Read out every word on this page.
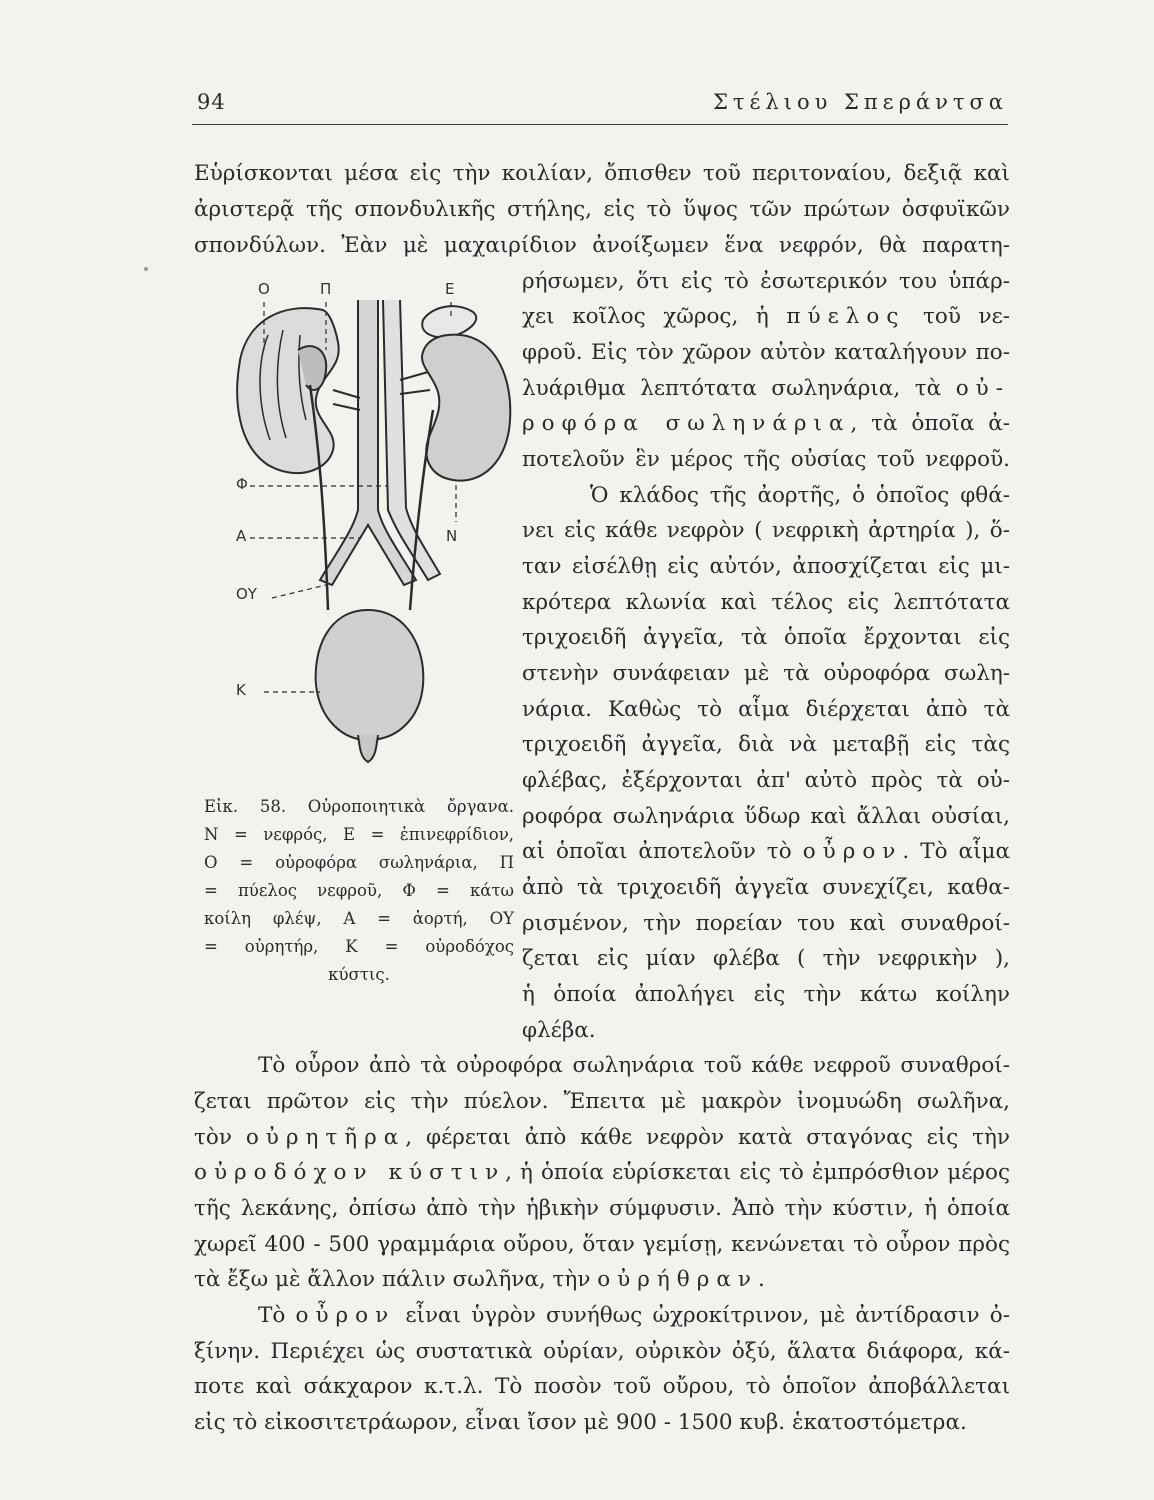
94	Στέλιου Σπεράντσα
Εὑρίσκονται μέσα εἰς τὴν κοιλίαν, ὄπισθεν τοῦ περιτοναίου, δεξιᾷ καὶ
ἀριστερᾷ τῆς σπονδυλικῆς στήλης, εἰς τὸ ὕψος τῶν πρώτων ὀσφυϊκῶν
σπονδύλων. Ἐὰν μὲ μαχαιρίδιον ἀνοίξωμεν ἕνα νεφρόν, θὰ παρατη-
ρήσωμεν, ὅτι εἰς τὸ ἐσωτερικόν του ὑπάρ-
χει κοῖλος χῶρος, ἡ πύελος τοῦ νε-
φροῦ. Εἰς τὸν χῶρον αὐτὸν καταλήγουν πο-
λυάριθμα λεπτότατα σωληνάρια, τὰ οὐ-
ροφόρα σωληνάρια, τὰ ὁποῖα ἀ-
ποτελοῦν ἓν μέρος τῆς οὐσίας τοῦ νεφροῦ.
Ὁ κλάδος τῆς ἀορτῆς, ὁ ὁποῖος φθά-
νει εἰς κάθε νεφρὸν ( νεφρικὴ ἀρτηρία ), ὅ-
ταν εἰσέλθῃ εἰς αὐτόν, ἀποσχίζεται εἰς μι-
κρότερα κλωνία καὶ τέλος εἰς λεπτότατα
τριχοειδῆ ἀγγεῖα, τὰ ὁποῖα ἔρχονται εἰς
στενὴν συνάφειαν μὲ τὰ οὐροφόρα σωλη-
νάρια. Καθὼς τὸ αἷμα διέρχεται ἀπὸ τὰ
τριχοειδῆ ἀγγεῖα, διὰ νὰ μεταβῇ εἰς τὰς
φλέβας, ἐξέρχονται ἀπ' αὐτὸ πρὸς τὰ οὐ-
ροφόρα σωληνάρια ὕδωρ καὶ ἄλλαι οὐσίαι,
αἱ ὁποῖαι ἀποτελοῦν τὸ οὖρον. Τὸ αἷμα
ἀπὸ τὰ τριχοειδῆ ἀγγεῖα συνεχίζει, καθα-
ρισμένον, τὴν πορείαν του καὶ συναθροί-
ζεται εἰς μίαν φλέβα ( τὴν νεφρικὴν ),
ἡ ὁποία ἀπολήγει εἰς τὴν κάτω κοίλην
φλέβα.
Τὸ οὖρον ἀπὸ τὰ οὐροφόρα σωληνάρια τοῦ κάθε νεφροῦ συναθροί-
ζεται πρῶτον εἰς τὴν πύελον. Ἔπειτα μὲ μακρὸν ἰνομυώδη σωλῆνα,
τὸν οὐρητῆρα, φέρεται ἀπὸ κάθε νεφρὸν κατὰ σταγόνας εἰς τὴν
οὐροδόχον κύστιν, ἡ ὁποία εὑρίσκεται εἰς τὸ ἐμπρόσθιον μέρος
τῆς λεκάνης, ὀπίσω ἀπὸ τὴν ἡβικὴν σύμφυσιν. Ἀπὸ τὴν κύστιν, ἡ ὁποία
χωρεῖ 400 - 500 γραμμάρια οὔρου, ὅταν γεμίσῃ, κενώνεται τὸ οὖρον πρὸς
τὰ ἔξω μὲ ἄλλον πάλιν σωλῆνα, τὴν οὐρήθραν.
Τὸ οὖρον εἶναι ὑγρὸν συνήθως ὠχροκίτρινον, μὲ ἀντίδρασιν ὀ-
ξίνην. Περιέχει ὡς συστατικὰ οὐρίαν, οὐρικὸν ὀξύ, ἅλατα διάφορα, κά-
ποτε καὶ σάκχαρον κ.τ.λ. Τὸ ποσὸν τοῦ οὔρου, τὸ ὁποῖον ἀποβάλλεται
εἰς τὸ εἰκοσιτετράωρον, εἶναι ἴσον μὲ 900 - 1500 κυβ. ἑκατοστόμετρα.
Ο	Π	Ε
Φ
Α	Ν
ΟΥ
Κ
Εἰκ. 58. Οὐροποιητικὰ ὄργανα.
Ν = νεφρός, Ε = ἐπινεφρίδιον,
Ο = οὐροφόρα σωληνάρια, Π
= πύελος νεφροῦ, Φ = κάτω
κοίλη φλέψ, Α = ἀορτή, ΟΥ
= οὐρητήρ, Κ = οὐροδόχος
κύστις.
